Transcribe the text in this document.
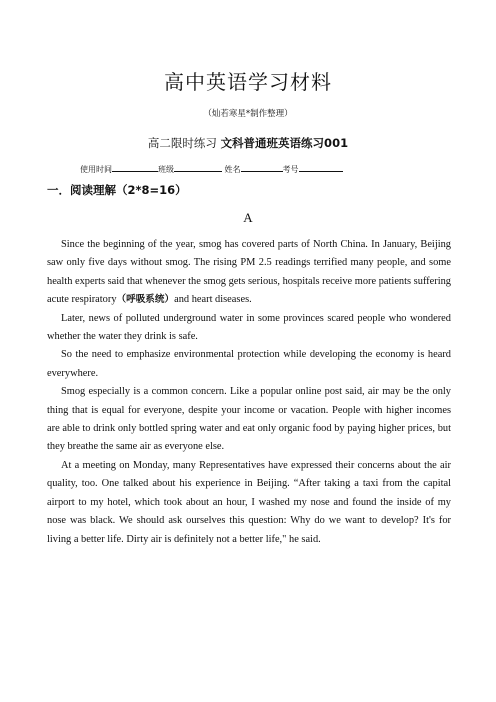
高中英语学习材料
（灿若寒星*制作整理）
高二限时练习 文科普通班英语练习001
使用时间	班级	姓名	考号
一．阅读理解（2*8=16）
A

Since the beginning of the year, smog has covered parts of North China. In January, Beijing saw only five days without smog. The rising PM 2.5 readings terrified many people, and some health experts said that whenever the smog gets serious, hospitals receive more patients suffering acute respiratory（呼吸系统）and heart diseases.

Later, news of polluted underground water in some provinces scared people who wondered whether the water they drink is safe.

So the need to emphasize environmental protection while developing the economy is heard everywhere.

Smog especially is a common concern. Like a popular online post said, air may be the only thing that is equal for everyone, despite your income or vacation. People with higher incomes are able to drink only bottled spring water and eat only organic food by paying higher prices, but they breathe the same air as everyone else.

At a meeting on Monday, many Representatives have expressed their concerns about the air quality, too. One talked about his experience in Beijing. “After taking a taxi from the capital airport to my hotel, which took about an hour, I washed my nose and found the inside of my nose was black. We should ask ourselves this question: Why do we want to develop? It's for living a better life. Dirty air is definitely not a better life," he said.
